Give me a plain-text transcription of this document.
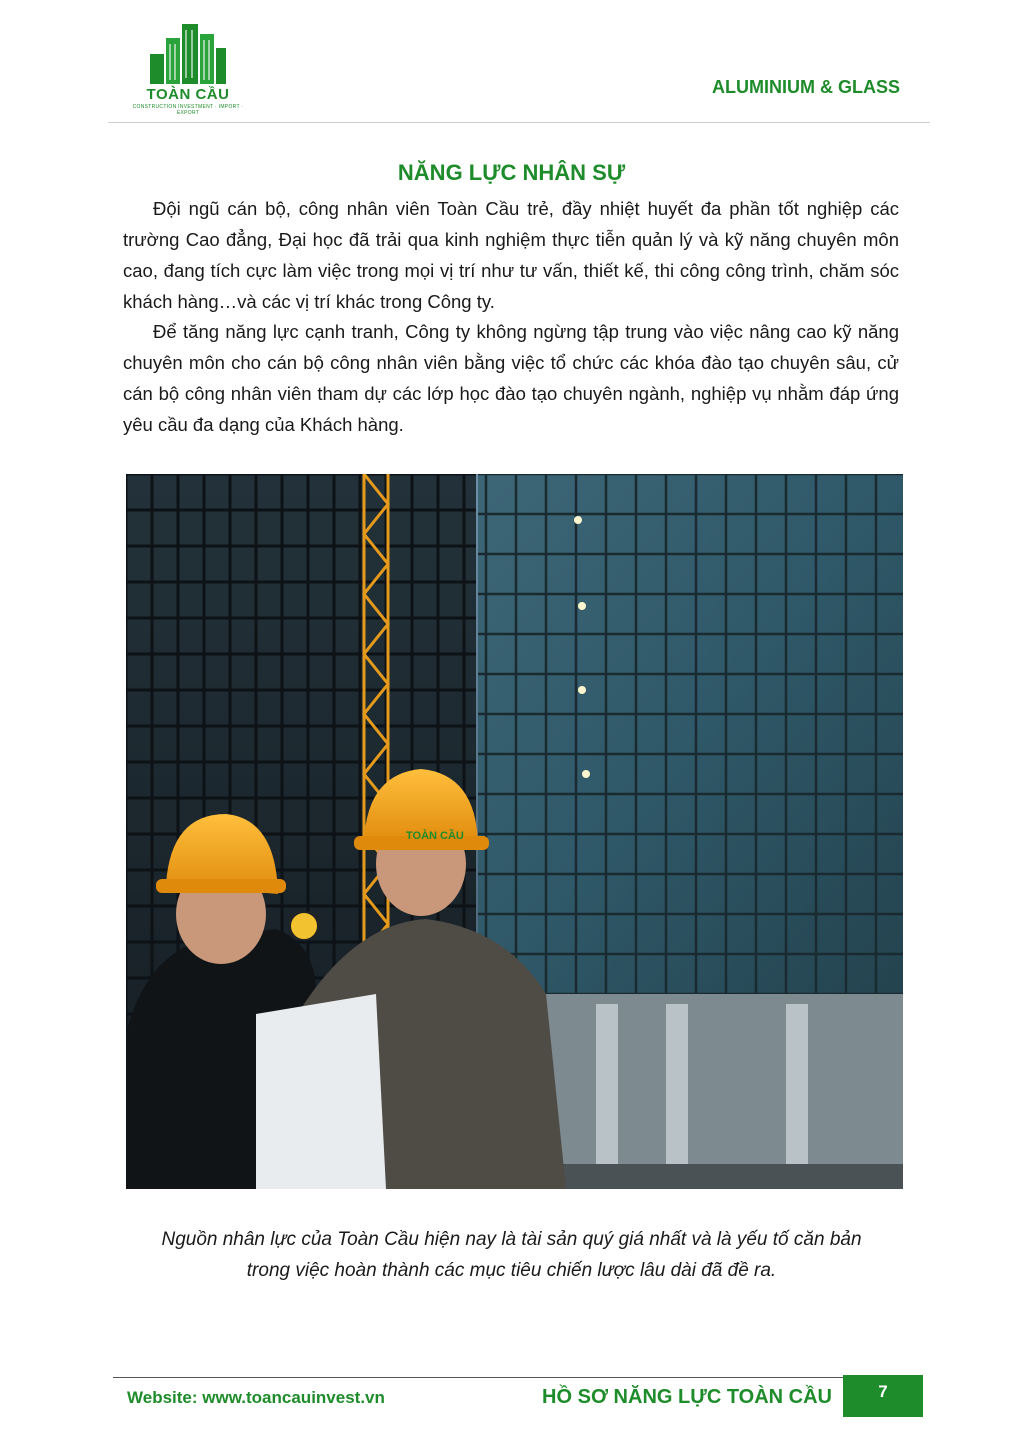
TOÀN CẦU
CONSTRUCTION INVESTMENT · IMPORT · EXPORT
ALUMINIUM & GLASS
NĂNG LỰC NHÂN SỰ

Đội ngũ cán bộ, công nhân viên Toàn Cầu trẻ, đầy nhiệt huyết đa phần tốt nghiệp các trường Cao đẳng, Đại học đã trải qua kinh nghiệm thực tiễn quản lý và kỹ năng chuyên môn cao, đang tích cực làm việc trong mọi vị trí như tư vấn, thiết kế, thi công công trình, chăm sóc khách hàng…và các vị trí khác trong Công ty.

Để tăng năng lực cạnh tranh, Công ty không ngừng tập trung vào việc nâng cao kỹ năng chuyên môn cho cán bộ công nhân viên bằng việc tổ chức các khóa đào tạo chuyên sâu, cử cán bộ công nhân viên tham dự các lớp học đào tạo chuyên ngành, nghiệp vụ nhằm đáp ứng yêu cầu đa dạng của Khách hàng.

TOÀN CẦU
Nguồn nhân lực của Toàn Cầu hiện nay là tài sản quý giá nhất và là yếu tố căn bản
trong việc hoàn thành các mục tiêu chiến lược lâu dài đã đề ra.
Website: www.toancauinvest.vn	HỒ SƠ NĂNG LỰC TOÀN CẦU	7
